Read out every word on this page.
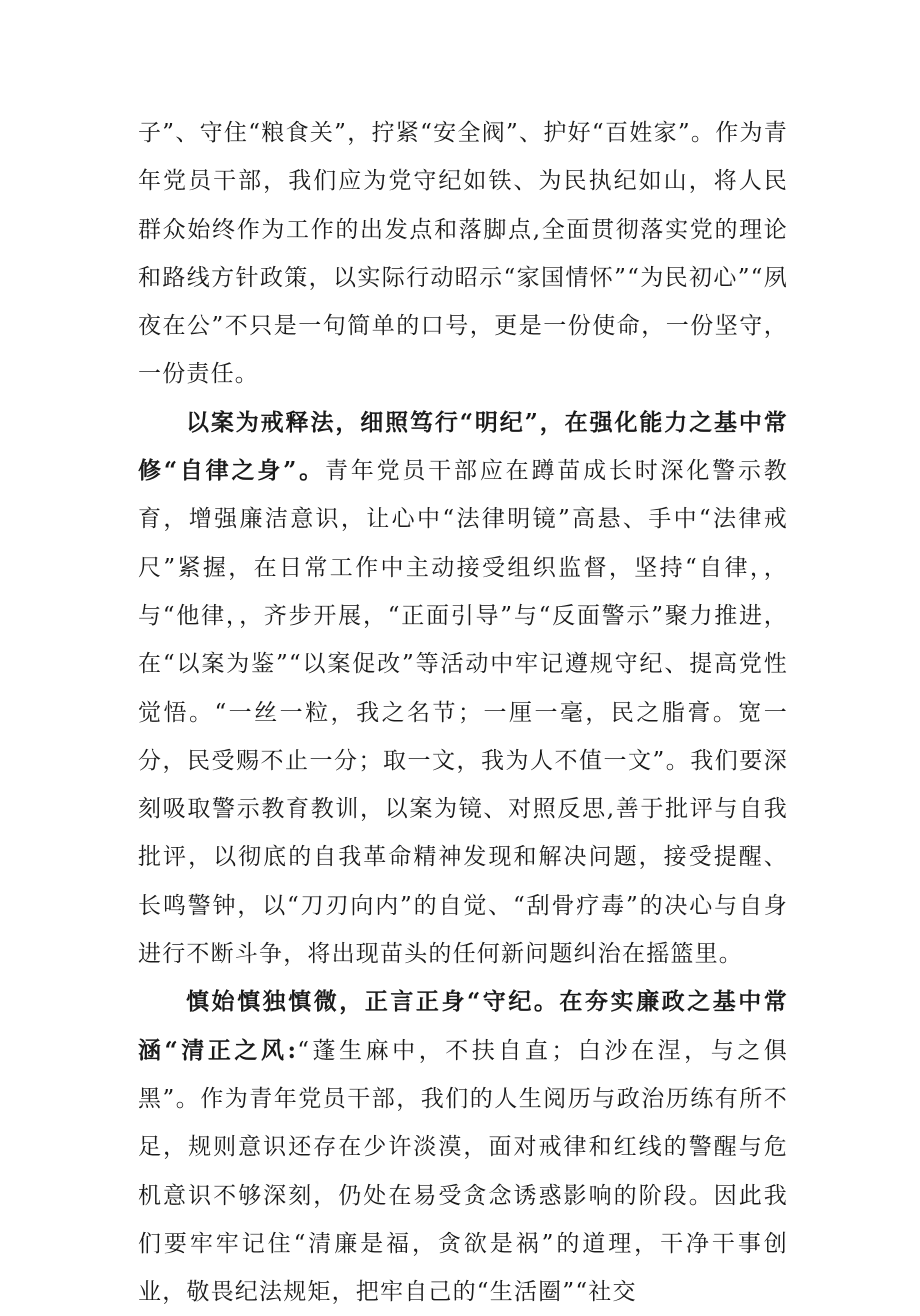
子”、守住“粮食关”，拧紧“安全阀”、护好“百姓家”。作为青年党员干部，我们应为党守纪如铁、为民执纪如山，将人民群众始终作为工作的出发点和落脚点,全面贯彻落实党的理论和路线方针政策，以实际行动昭示“家国情怀”“为民初心”“夙夜在公”不只是一句简单的口号，更是一份使命，一份坚守，一份责任。

以案为戒释法，细照笃行“明纪”，在强化能力之基中常修“自律之身”。青年党员干部应在蹲苗成长时深化警示教育，增强廉洁意识，让心中“法律明镜”高悬、手中“法律戒尺”紧握，在日常工作中主动接受组织监督，坚持“自律，，与“他律，，齐步开展，“正面引导”与“反面警示”聚力推进，在“以案为鉴”“以案促改”等活动中牢记遵规守纪、提高党性觉悟。“一丝一粒，我之名节；一厘一毫，民之脂膏。宽一分，民受赐不止一分；取一文，我为人不值一文”。我们要深刻吸取警示教育教训，以案为镜、对照反思,善于批评与自我批评，以彻底的自我革命精神发现和解决问题，接受提醒、长鸣警钟，以“刀刃向内”的自觉、“刮骨疗毒”的决心与自身进行不断斗争，将出现苗头的任何新问题纠治在摇篮里。

慎始慎独慎微，正言正身“守纪。在夯实廉政之基中常涵“清正之风:“蓬生麻中，不扶自直；白沙在涅，与之俱黑”。作为青年党员干部，我们的人生阅历与政治历练有所不足，规则意识还存在少许淡漠，面对戒律和红线的警醒与危机意识不够深刻，仍处在易受贪念诱惑影响的阶段。因此我们要牢牢记住“清廉是福，贪欲是祸”的道理，干净干事创业，敬畏纪法规矩，把牢自己的“生活圈”“社交
